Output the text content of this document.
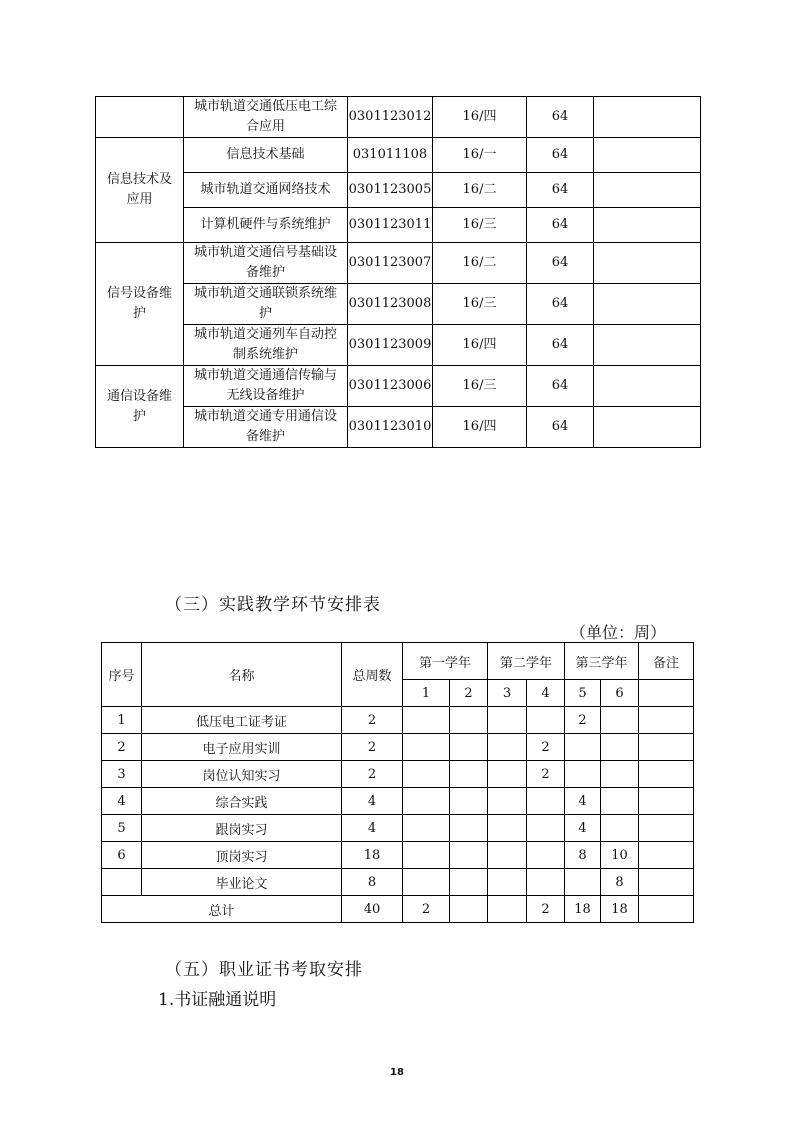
	城市轨道交通低压电工综合应用	0301123012	16/四	64	
信息技术及应用	信息技术基础	031011108	16/一	64	
	城市轨道交通网络技术	0301123005	16/二	64	
	计算机硬件与系统维护	0301123011	16/三	64	
信号设备维护	城市轨道交通信号基础设备维护	0301123007	16/二	64	
	城市轨道交通联锁系统维护	0301123008	16/三	64	
	城市轨道交通列车自动控制系统维护	0301123009	16/四	64	
通信设备维护	城市轨道交通通信传输与无线设备维护	0301123006	16/三	64	
	城市轨道交通专用通信设备维护	0301123010	16/四	64	
（三）实践教学环节安排表
（单位：周）
序号	名称	总周数	第一学年		第二学年		第三学年		备注
			1	2	3	4	5	6	
1	低压电工证考证	2					2		
2	电子应用实训	2				2			
3	岗位认知实习	2				2			
4	综合实践	4					4		
5	跟岗实习	4					4		
6	顶岗实习	18					8	10	
	毕业论文	8						8	
总计		40	2			2	18	18	
（五）职业证书考取安排
1.书证融通说明
18
